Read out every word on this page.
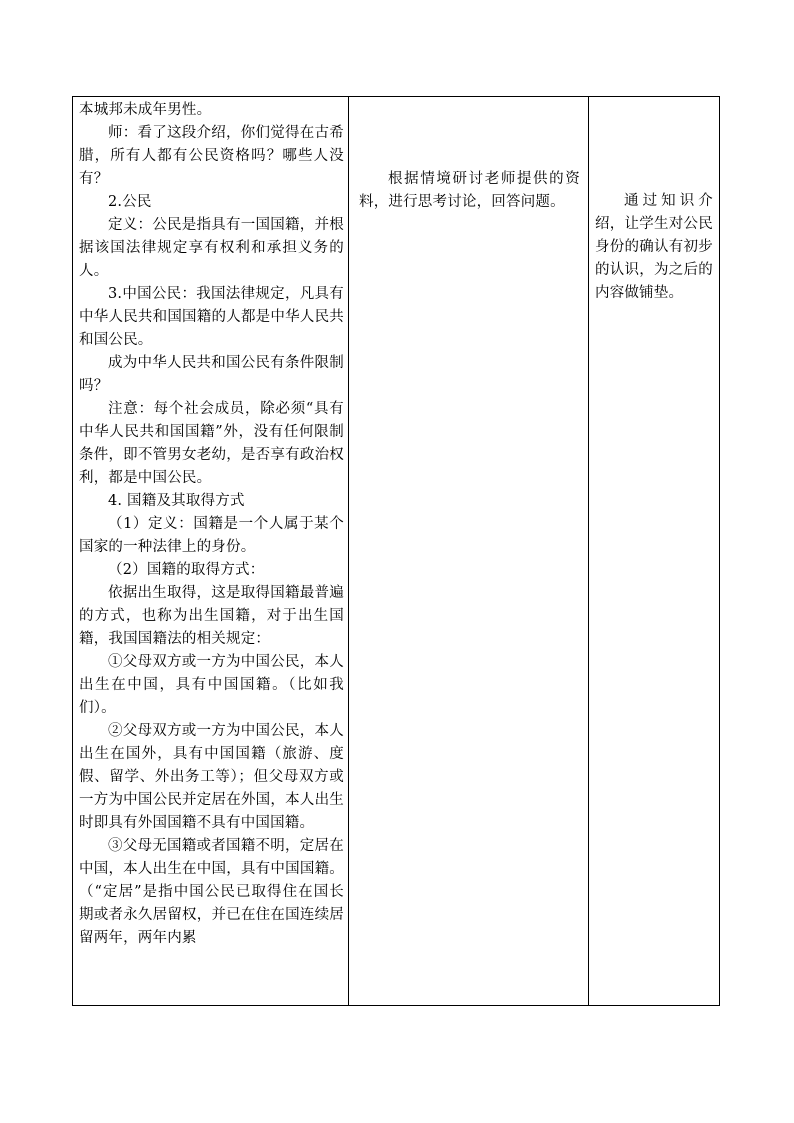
本城邦未成年男性。

师：看了这段介绍，你们觉得在古希腊，所有人都有公民资格吗？哪些人没有？

2.公民

定义：公民是指具有一国国籍，并根据该国法律规定享有权利和承担义务的人。

3.中国公民：我国法律规定，凡具有中华人民共和国国籍的人都是中华人民共和国公民。

成为中华人民共和国公民有条件限制吗？

注意：每个社会成员，除必须“具有中华人民共和国国籍”外，没有任何限制条件，即不管男女老幼，是否享有政治权利，都是中国公民。

4. 国籍及其取得方式

（1）定义：国籍是一个人属于某个国家的一种法律上的身份。

（2）国籍的取得方式：

依据出生取得，这是取得国籍最普遍的方式，也称为出生国籍，对于出生国籍，我国国籍法的相关规定：

①父母双方或一方为中国公民，本人出生在中国，具有中国国籍。（比如我们）。

②父母双方或一方为中国公民，本人出生在国外，具有中国国籍（旅游、度假、留学、外出务工等）；但父母双方或一方为中国公民并定居在外国，本人出生时即具有外国国籍不具有中国国籍。

③父母无国籍或者国籍不明，定居在中国，本人出生在中国，具有中国国籍。 （“定居”是指中国公民已取得住在国长期或者永久居留权，并已在住在国连续居留两年，两年内累

根据情境研讨老师提供的资料，进行思考讨论，回答问题。	通过知识介绍，让学生对公民身份的确认有初步的认识，为之后的内容做铺垫。
